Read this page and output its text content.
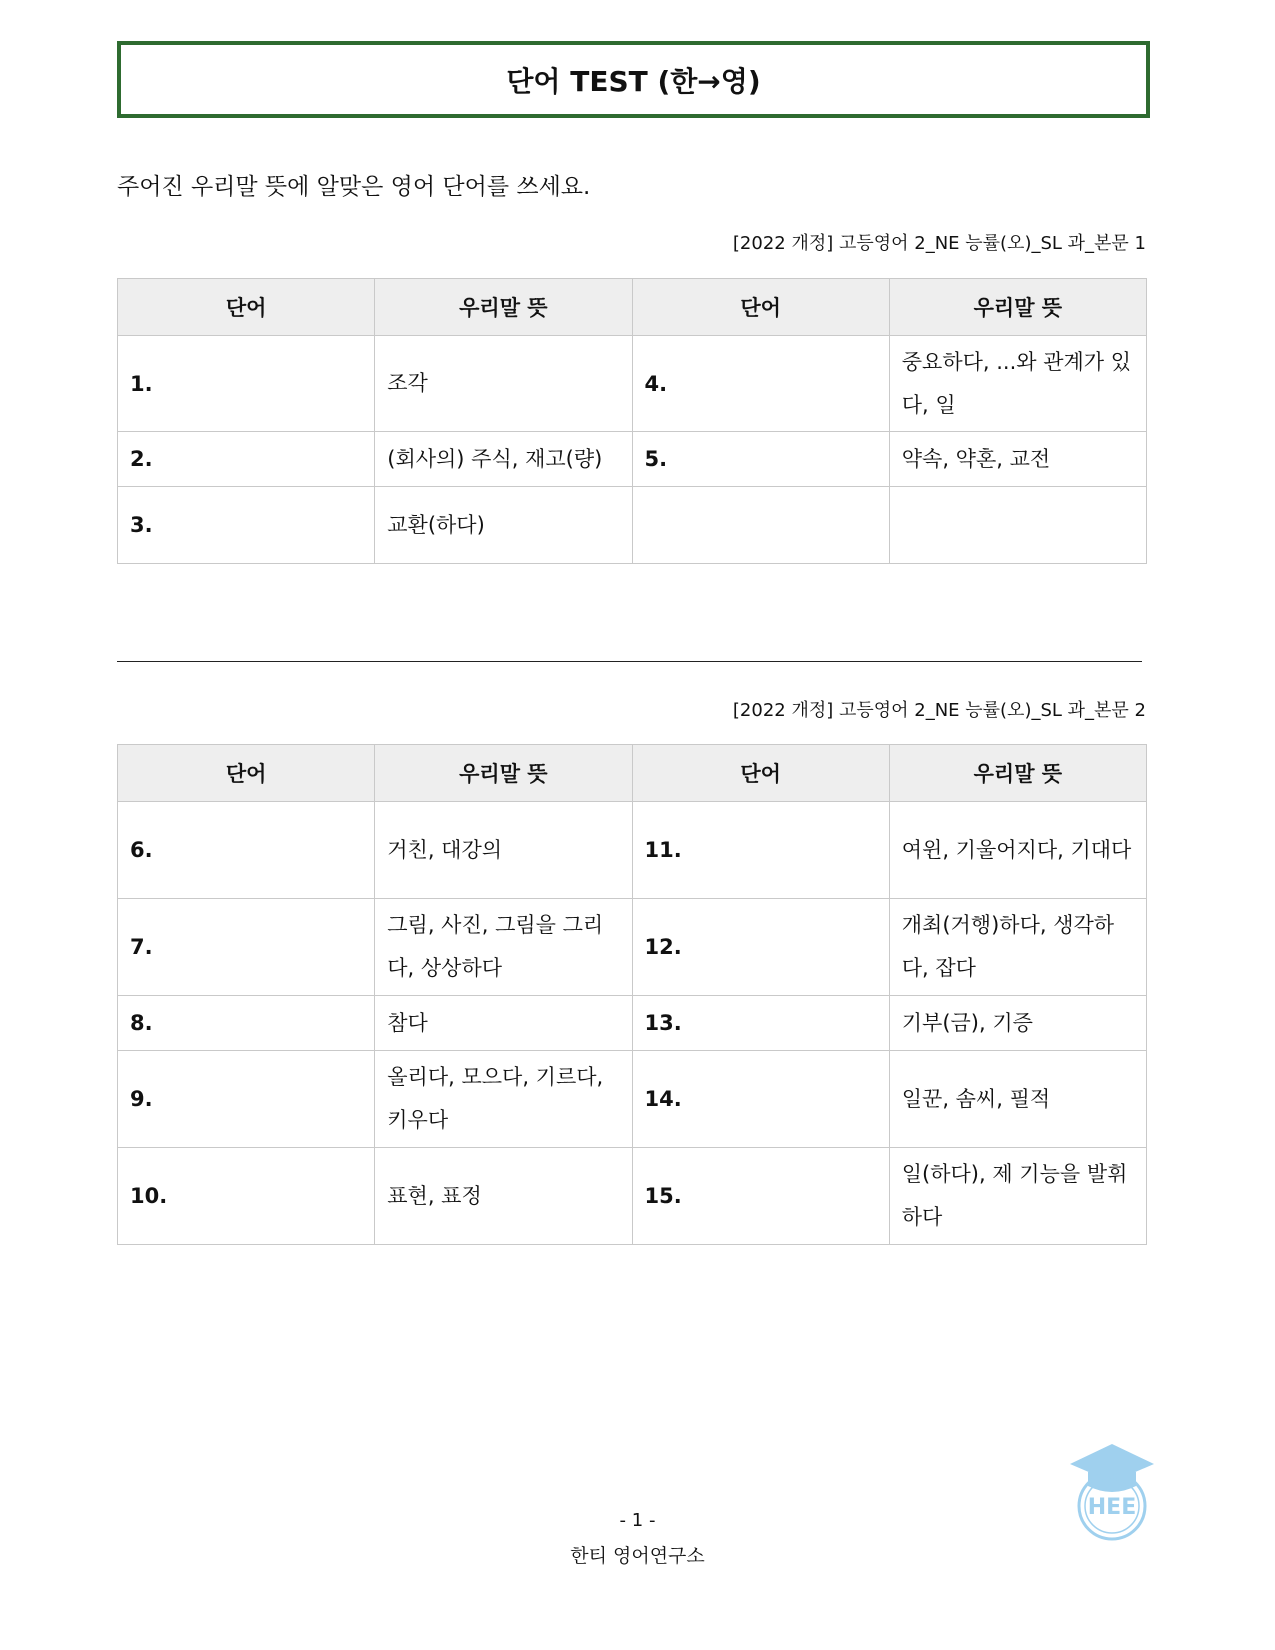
단어 TEST (한→영)
주어진 우리말 뜻에 알맞은 영어 단어를 쓰세요.
[2022 개정] 고등영어 2_NE 능률(오)_SL 과_본문 1
단어	우리말 뜻	단어	우리말 뜻
1.	조각	4.	중요하다, ...와 관계가 있다, 일
2.	(회사의) 주식, 재고(량)	5.	약속, 약혼, 교전
3.	교환(하다)		
[2022 개정] 고등영어 2_NE 능률(오)_SL 과_본문 2
단어	우리말 뜻	단어	우리말 뜻
6.	거친, 대강의	11.	여윈, 기울어지다, 기대다
7.	그림, 사진, 그림을 그리다, 상상하다	12.	개최(거행)하다, 생각하다, 잡다
8.	참다	13.	기부(금), 기증
9.	올리다, 모으다, 기르다, 키우다	14.	일꾼, 솜씨, 필적
10.	표현, 표정	15.	일(하다), 제 기능을 발휘하다
- 1 -
한티 영어연구소
HEE
